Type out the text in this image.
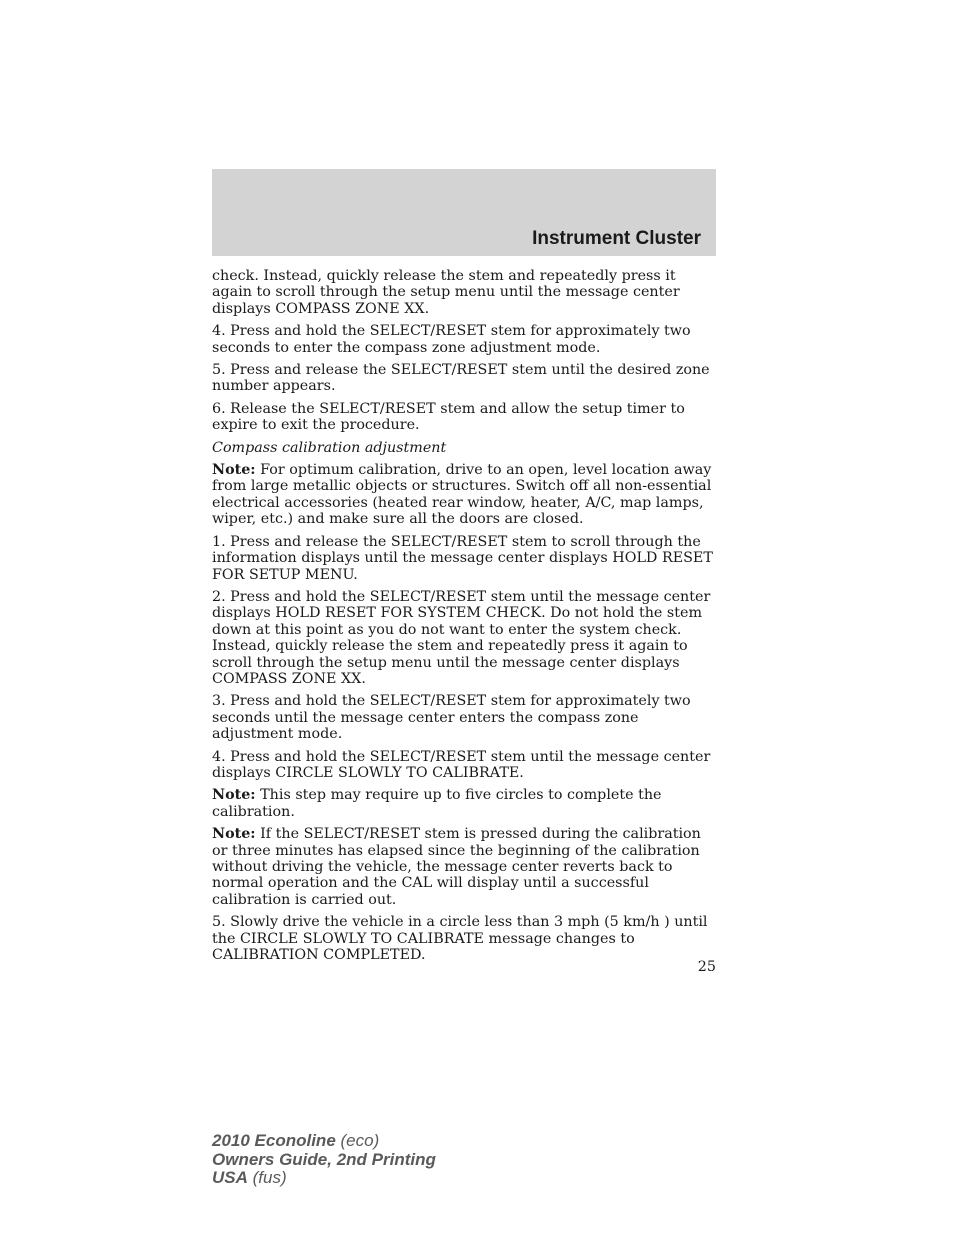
Instrument Cluster

check. Instead, quickly release the stem and repeatedly press it again to scroll through the setup menu until the message center displays COMPASS ZONE XX.

4. Press and hold the SELECT/RESET stem for approximately two seconds to enter the compass zone adjustment mode.

5. Press and release the SELECT/RESET stem until the desired zone number appears.

6. Release the SELECT/RESET stem and allow the setup timer to expire to exit the procedure.

Compass calibration adjustment

Note: For optimum calibration, drive to an open, level location away from large metallic objects or structures. Switch off all non-essential electrical accessories (heated rear window, heater, A/C, map lamps, wiper, etc.) and make sure all the doors are closed.

1. Press and release the SELECT/RESET stem to scroll through the information displays until the message center displays HOLD RESET FOR SETUP MENU.

2. Press and hold the SELECT/RESET stem until the message center displays HOLD RESET FOR SYSTEM CHECK. Do not hold the stem down at this point as you do not want to enter the system check. Instead, quickly release the stem and repeatedly press it again to scroll through the setup menu until the message center displays COMPASS ZONE XX.

3. Press and hold the SELECT/RESET stem for approximately two seconds until the message center enters the compass zone adjustment mode.

4. Press and hold the SELECT/RESET stem until the message center displays CIRCLE SLOWLY TO CALIBRATE.

Note: This step may require up to five circles to complete the calibration.

Note: If the SELECT/RESET stem is pressed during the calibration or three minutes has elapsed since the beginning of the calibration without driving the vehicle, the message center reverts back to normal operation and the CAL will display until a successful calibration is carried out.

5. Slowly drive the vehicle in a circle less than 3 mph (5 km/h ) until the CIRCLE SLOWLY TO CALIBRATE message changes to CALIBRATION COMPLETED.

25
2010 Econoline (eco)
Owners Guide, 2nd Printing
USA (fus)
